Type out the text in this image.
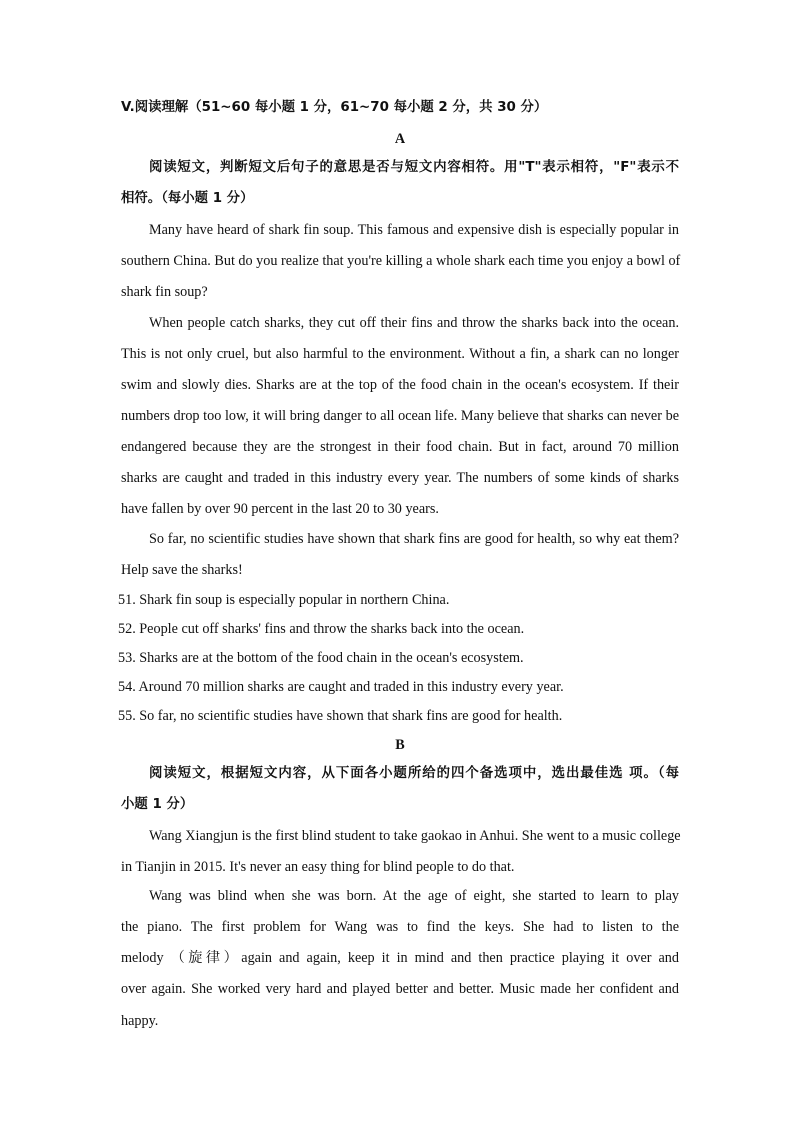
V.阅读理解（51~60 每小题 1 分，61~70 每小题 2 分，共 30 分）
A
阅读短文，判断短文后句子的意思是否与短文内容相符。用"T"表示相符，"F"表示不
相符。（每小题 1 分）
Many have heard of shark fin soup. This famous and expensive dish is especially popular in
southern China. But do you realize that you're killing a whole shark each time you enjoy a bowl of
shark fin soup?
When people catch sharks, they cut off their fins and throw the sharks back into the ocean.
This is not only cruel, but also harmful to the environment. Without a fin, a shark can no longer
swim and slowly dies. Sharks are at the top of the food chain in the ocean's ecosystem. If their
numbers drop too low, it will bring danger to all ocean life. Many believe that sharks can never be
endangered because they are the strongest in their food chain. But in fact, around 70 million
sharks are caught and traded in this industry every year. The numbers of some kinds of sharks
have fallen by over 90 percent in the last 20 to 30 years.
So far, no scientific studies have shown that shark fins are good for health, so why eat them?
Help save the sharks!
51. Shark fin soup is especially popular in northern China.
52. People cut off sharks' fins and throw the sharks back into the ocean.
53. Sharks are at the bottom of the food chain in the ocean's ecosystem.
54. Around 70 million sharks are caught and traded in this industry every year.
55. So far, no scientific studies have shown that shark fins are good for health.
B
阅读短文，根据短文内容，从下面各小题所给的四个备选项中，选出最佳选 项。（每
小题 1 分）
Wang Xiangjun is the first blind student to take gaokao in Anhui. She went to a music college
in Tianjin in 2015. It's never an easy thing for blind people to do that.
Wang was blind when she was born. At the age of eight, she started to learn to play
the piano. The first problem for Wang was to find the keys. She had to listen to the
melody （旋律）again and again, keep it in mind and then practice playing it over and
over again. She worked very hard and played better and better. Music made her confident and
happy.
